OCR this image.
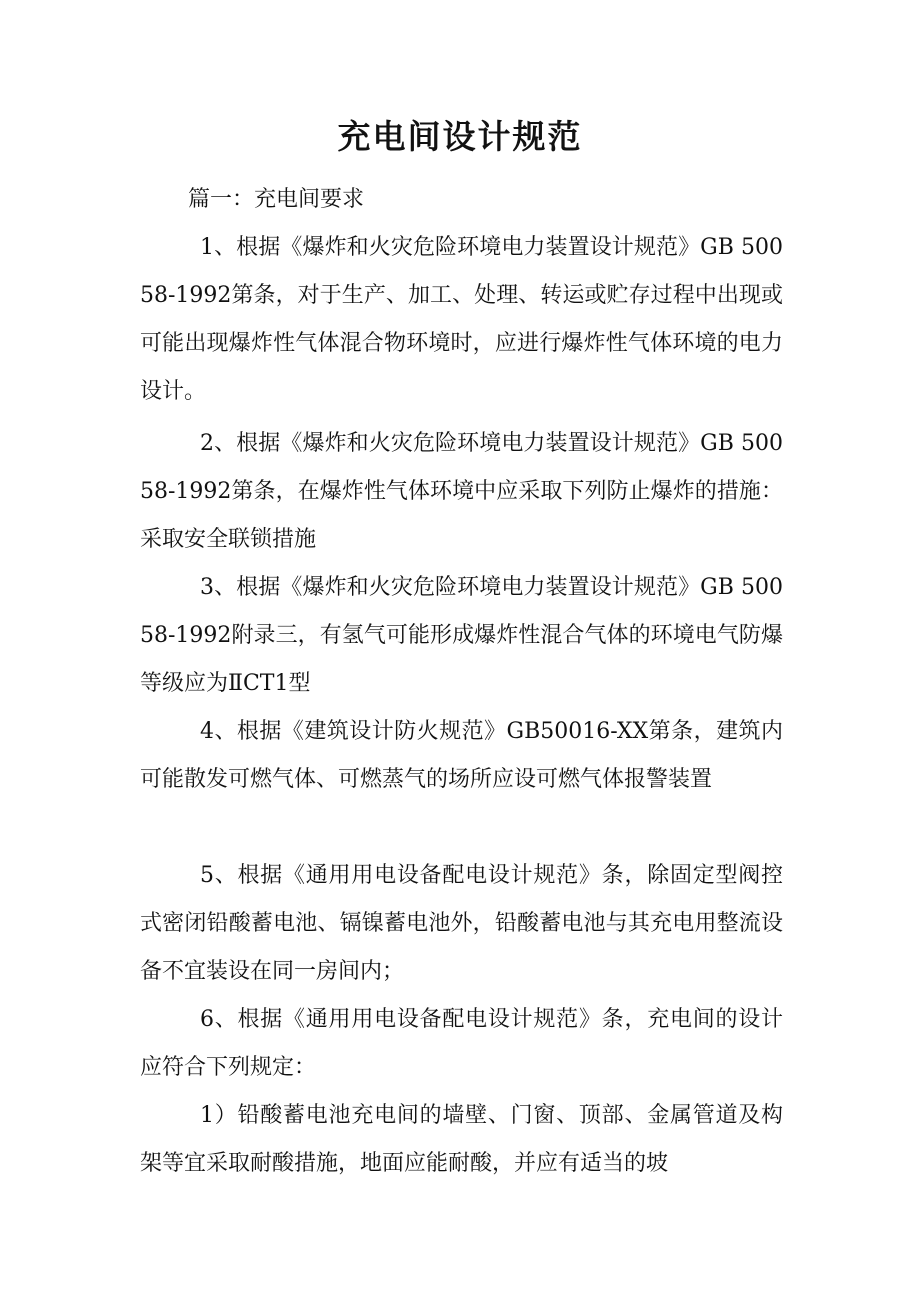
充电间设计规范

篇一：充电间要求

1、根据《爆炸和火灾危险环境电力装置设计规范》GB 50058-1992第条，对于生产、加工、处理、转运或贮存过程中出现或可能出现爆炸性气体混合物环境时，应进行爆炸性气体环境的电力设计。

2、根据《爆炸和火灾危险环境电力装置设计规范》GB 50058-1992第条，在爆炸性气体环境中应采取下列防止爆炸的措施：采取安全联锁措施

3、根据《爆炸和火灾危险环境电力装置设计规范》GB 50058-1992附录三，有氢气可能形成爆炸性混合气体的环境电气防爆等级应为ⅡCT1型

4、根据《建筑设计防火规范》GB50016-XX第条，建筑内可能散发可燃气体、可燃蒸气的场所应设可燃气体报警装置

5、根据《通用用电设备配电设计规范》条，除固定型阀控式密闭铅酸蓄电池、镉镍蓄电池外，铅酸蓄电池与其充电用整流设备不宜装设在同一房间内；

6、根据《通用用电设备配电设计规范》条，充电间的设计应符合下列规定：

1）铅酸蓄电池充电间的墙壁、门窗、顶部、金属管道及构架等宜采取耐酸措施，地面应能耐酸，并应有适当的坡
